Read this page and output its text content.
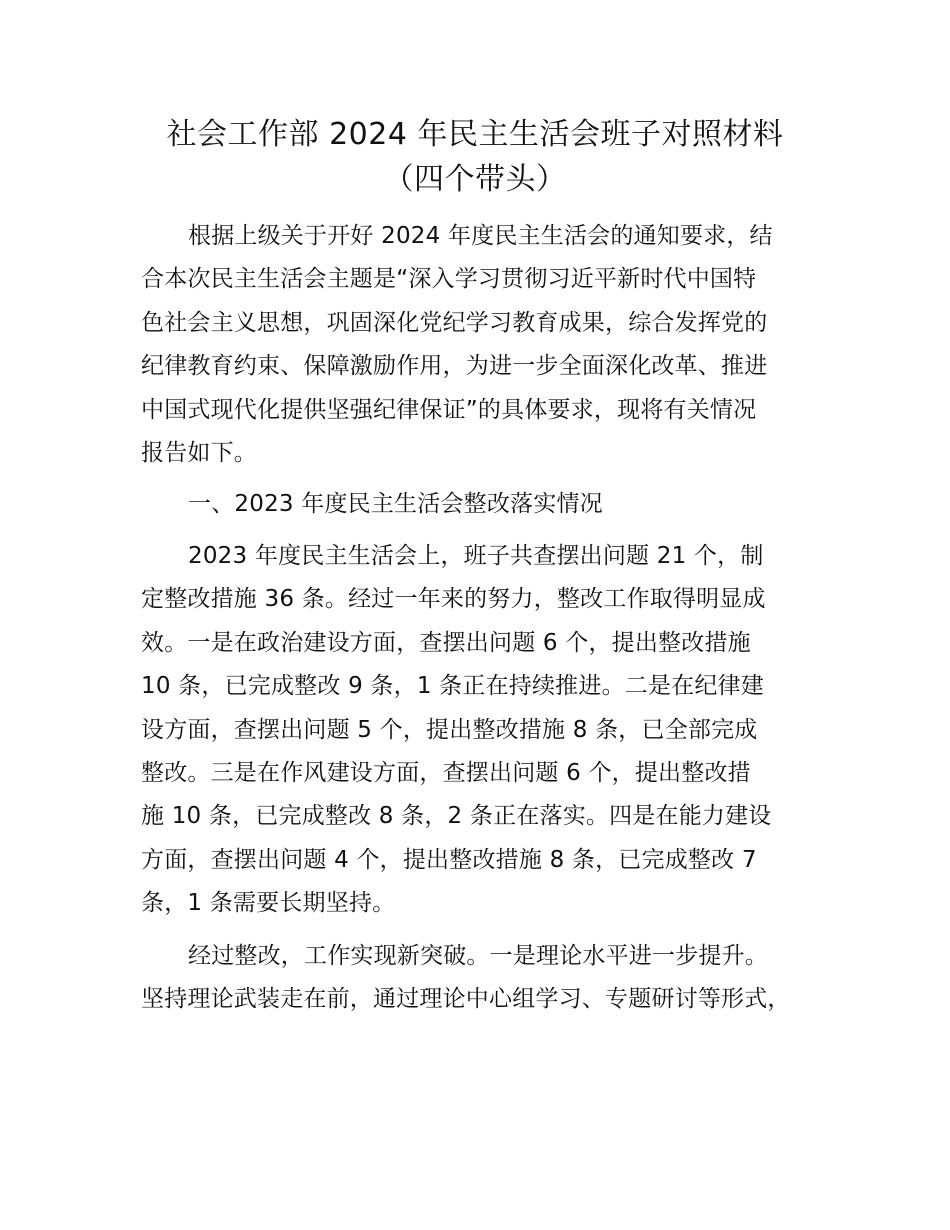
社会工作部 2024 年民主生活会班子对照材料
（四个带头）
根据上级关于开好 2024 年度民主生活会的通知要求，结
合本次民主生活会主题是“深入学习贯彻习近平新时代中国特
色社会主义思想，巩固深化党纪学习教育成果，综合发挥党的
纪律教育约束、保障激励作用，为进一步全面深化改革、推进
中国式现代化提供坚强纪律保证”的具体要求，现将有关情况
报告如下。
一、2023 年度民主生活会整改落实情况
2023 年度民主生活会上，班子共查摆出问题 21 个，制
定整改措施 36 条。经过一年来的努力，整改工作取得明显成
效。一是在政治建设方面，查摆出问题 6 个，提出整改措施
10 条，已完成整改 9 条，1 条正在持续推进。二是在纪律建
设方面，查摆出问题 5 个，提出整改措施 8 条，已全部完成
整改。三是在作风建设方面，查摆出问题 6 个，提出整改措
施 10 条，已完成整改 8 条，2 条正在落实。四是在能力建设
方面，查摆出问题 4 个，提出整改措施 8 条，已完成整改 7
条，1 条需要长期坚持。
经过整改，工作实现新突破。一是理论水平进一步提升。
坚持理论武装走在前，通过理论中心组学习、专题研讨等形式，
